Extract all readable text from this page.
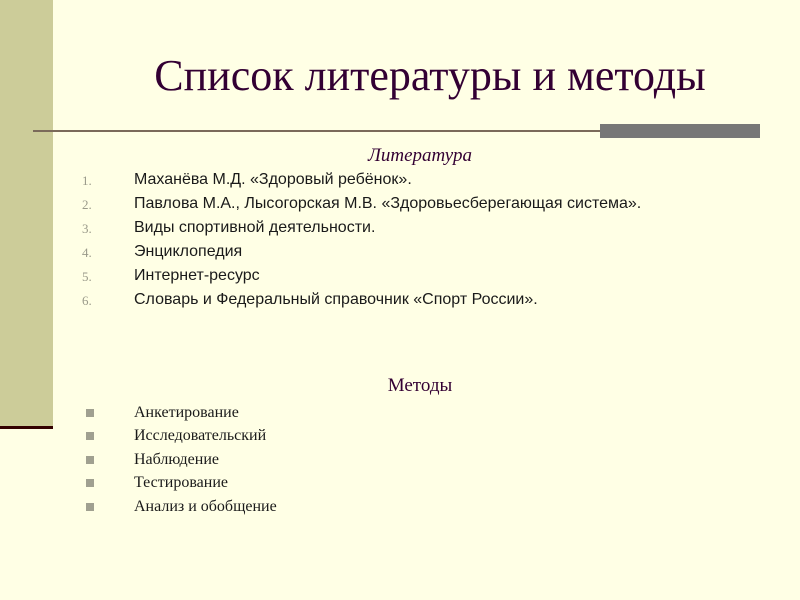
Список литературы и методы
Литература
1.	Маханёва М.Д. «Здоровый ребёнок».
2.	Павлова М.А., Лысогорская М.В. «Здоровьесберегающая система».
3.	Виды спортивной деятельности.
4.	Энциклопедия
5.	Интернет-ресурс
6.	Словарь и Федеральный справочник «Спорт России».
Методы
Анкетирование
Исследовательский
Наблюдение
Тестирование
Анализ и обобщение
